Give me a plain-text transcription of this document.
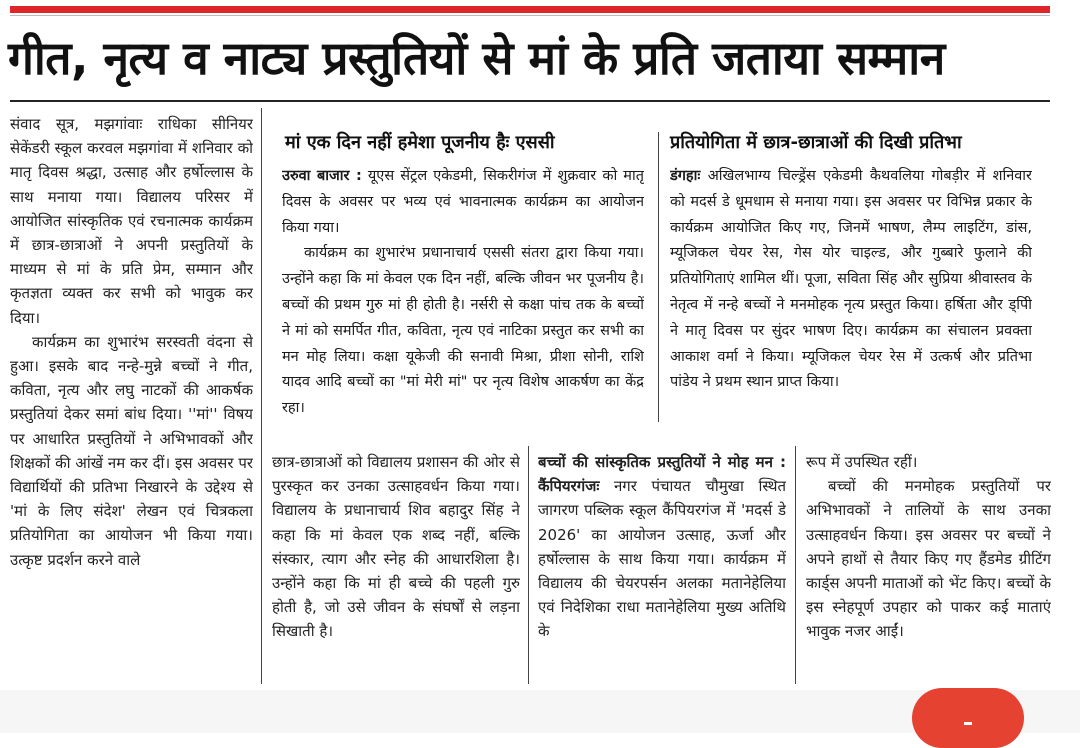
गीत, नृत्य व नाट्य प्रस्तुतियों से मां के प्रति जताया सम्मान

संवाद सूत्र, मझगांवाः राधिका सीनियर सेकेंडरी स्कूल करवल मझगांवा में शनिवार को मातृ दिवस श्रद्धा, उत्साह और हर्षोल्लास के साथ मनाया गया। विद्यालय परिसर में आयोजित सांस्कृतिक एवं रचनात्मक कार्यक्रम में छात्र-छात्राओं ने अपनी प्रस्तुतियों के माध्यम से मां के प्रति प्रेम, सम्मान और कृतज्ञता व्यक्त कर सभी को भावुक कर दिया।

कार्यक्रम का शुभारंभ सरस्वती वंदना से हुआ। इसके बाद नन्हे-मुन्ने बच्चों ने गीत, कविता, नृत्य और लघु नाटकों की आकर्षक प्रस्तुतियां देकर समां बांध दिया। ''मां'' विषय पर आधारित प्रस्तुतियों ने अभिभावकों और शिक्षकों की आंखें नम कर दीं। इस अवसर पर विद्यार्थियों की प्रतिभा निखारने के उद्देश्य से 'मां के लिए संदेश' लेखन एवं चित्रकला प्रतियोगिता का आयोजन भी किया गया। उत्कृष्ट प्रदर्शन करने वाले

मां एक दिन नहीं हमेशा पूजनीय हैः एससी

उरुवा बाजार : यूएस सेंट्रल एकेडमी, सिकरीगंज में शुक्रवार को मातृ दिवस के अवसर पर भव्य एवं भावनात्मक कार्यक्रम का आयोजन किया गया।

कार्यक्रम का शुभारंभ प्रधानाचार्य एससी संतरा द्वारा किया गया। उन्होंने कहा कि मां केवल एक दिन नहीं, बल्कि जीवन भर पूजनीय है। बच्चों की प्रथम गुरु मां ही होती है। नर्सरी से कक्षा पांच तक के बच्चों ने मां को समर्पित गीत, कविता, नृत्य एवं नाटिका प्रस्तुत कर सभी का मन मोह लिया। कक्षा यूकेजी की सनावी मिश्रा, प्रीशा सोनी, राशि यादव आदि बच्चों का "मां मेरी मां" पर नृत्य विशेष आकर्षण का केंद्र रहा।

प्रतियोगिता में छात्र-छात्राओं की दिखी प्रतिभा

डंगहाः अखिलभाग्य चिल्ड्रेंस एकेडमी कैथवलिया गोबड़ीर में शनिवार को मदर्स डे धूमधाम से मनाया गया। इस अवसर पर विभिन्न प्रकार के कार्यक्रम आयोजित किए गए, जिनमें भाषण, लैम्प लाइटिंग, डांस, म्यूजिकल चेयर रेस, गेस योर चाइल्ड, और गुब्बारे फुलाने की प्रतियोगिताएं शामिल थीं। पूजा, सविता सिंह और सुप्रिया श्रीवास्तव के नेतृत्व में नन्हे बच्चों ने मनमोहक नृत्य प्रस्तुत किया। हर्षिता और ड्पिी ने मातृ दिवस पर सुंदर भाषण दिए। कार्यक्रम का संचालन प्रवक्ता आकाश वर्मा ने किया। म्यूजिकल चेयर रेस में उत्कर्ष और प्रतिभा पांडेय ने प्रथम स्थान प्राप्त किया।

छात्र-छात्राओं को विद्यालय प्रशासन की ओर से पुरस्कृत कर उनका उत्साहवर्धन किया गया। विद्यालय के प्रधानाचार्य शिव बहादुर सिंह ने कहा कि मां केवल एक शब्द नहीं, बल्कि संस्कार, त्याग और स्नेह की आधारशिला है। उन्होंने कहा कि मां ही बच्चे की पहली गुरु होती है, जो उसे जीवन के संघर्षों से लड़ना सिखाती है।

बच्चों की सांस्कृतिक प्रस्तुतियों ने मोह मन : कैंपियरगंजः नगर पंचायत चौमुखा स्थित जागरण पब्लिक स्कूल कैंपियरगंज में 'मदर्स डे 2026' का आयोजन उत्साह, ऊर्जा और हर्षोल्लास के साथ किया गया। कार्यक्रम में विद्यालय की चेयरपर्सन अलका मतानेहेलिया एवं निदेशिका राधा मतानेहेलिया मुख्य अतिथि के

रूप में उपस्थित रहीं।

बच्चों की मनमोहक प्रस्तुतियों पर अभिभावकों ने तालियों के साथ उनका उत्साहवर्धन किया। इस अवसर पर बच्चों ने अपने हाथों से तैयार किए गए हैंडमेड ग्रीटिंग कार्ड्स अपनी माताओं को भेंट किए। बच्चों के इस स्नेहपूर्ण उपहार को पाकर कई माताएं भावुक नजर आईं।
